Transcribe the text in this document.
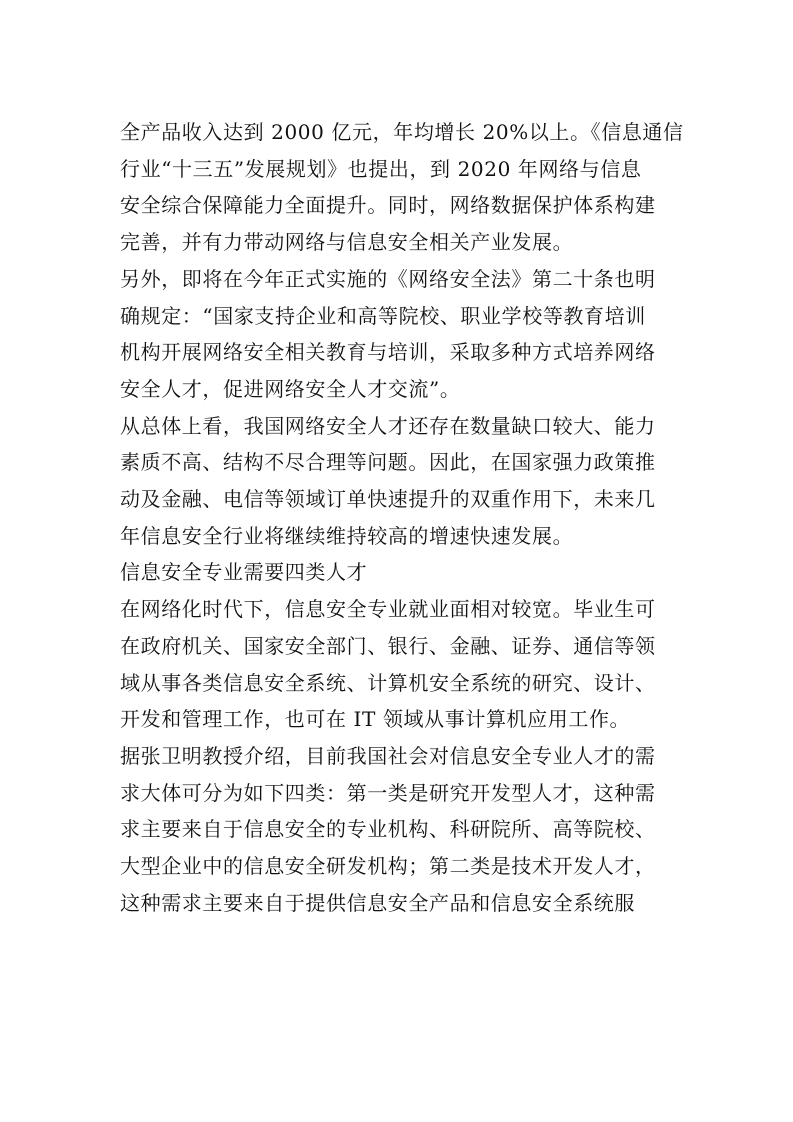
全产品收入达到 2000 亿元，年均增长 20%以上。《信息通信
行业“十三五”发展规划》也提出，到 2020 年网络与信息
安全综合保障能力全面提升。同时，网络数据保护体系构建
完善，并有力带动网络与信息安全相关产业发展。
另外，即将在今年正式实施的《网络安全法》第二十条也明
确规定：“国家支持企业和高等院校、职业学校等教育培训
机构开展网络安全相关教育与培训，采取多种方式培养网络
安全人才，促进网络安全人才交流”。
从总体上看，我国网络安全人才还存在数量缺口较大、能力
素质不高、结构不尽合理等问题。因此，在国家强力政策推
动及金融、电信等领域订单快速提升的双重作用下，未来几
年信息安全行业将继续维持较高的增速快速发展。
信息安全专业需要四类人才
在网络化时代下，信息安全专业就业面相对较宽。毕业生可
在政府机关、国家安全部门、银行、金融、证券、通信等领
域从事各类信息安全系统、计算机安全系统的研究、设计、
开发和管理工作，也可在 IT 领域从事计算机应用工作。
据张卫明教授介绍，目前我国社会对信息安全专业人才的需
求大体可分为如下四类：第一类是研究开发型人才，这种需
求主要来自于信息安全的专业机构、科研院所、高等院校、
大型企业中的信息安全研发机构；第二类是技术开发人才，
这种需求主要来自于提供信息安全产品和信息安全系统服
